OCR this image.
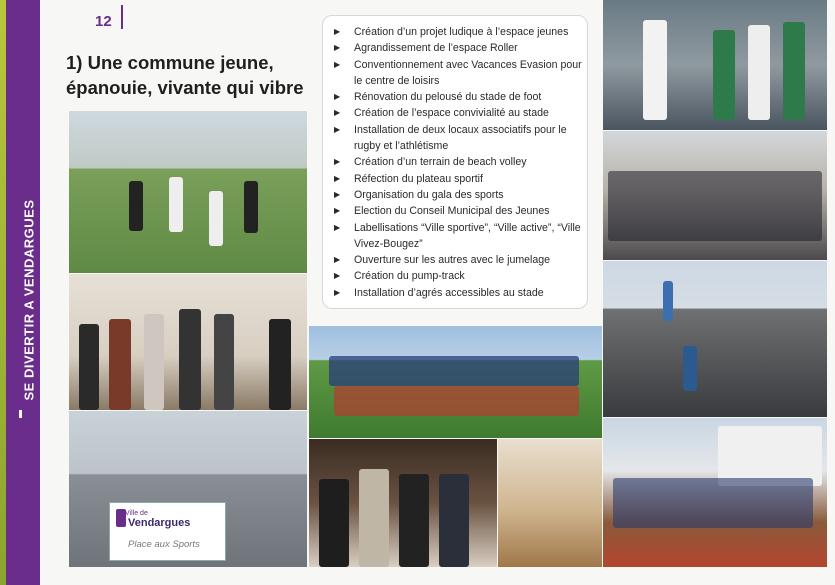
SE DIVERTIR A VENDARGUES
12
1) Une commune jeune,
épanouie, vivante qui vibre
▶ Création d’un projet ludique à l’espace jeunes
▶ Agrandissement de l’espace Roller
▶ Conventionnement avec Vacances Evasion pour le centre de loisirs
▶ Rénovation du pelousé du stade de foot
▶ Création de l’espace convivialité au stade
▶ Installation de deux locaux associatifs pour le rugby et l’athlétisme
▶ Création d’un terrain de beach volley
▶ Réfection du plateau sportif
▶ Organisation du gala des sports
▶ Election du Conseil Municipal des Jeunes
▶ Labellisations “Ville sportive”, “Ville active”, “Ville Vivez-Bougez”
▶ Ouverture sur les autres avec le jumelage
▶ Création du pump-track
▶ Installation d’agrés accessibles au stade
Ville de
Vendargues
Place aux Sports
